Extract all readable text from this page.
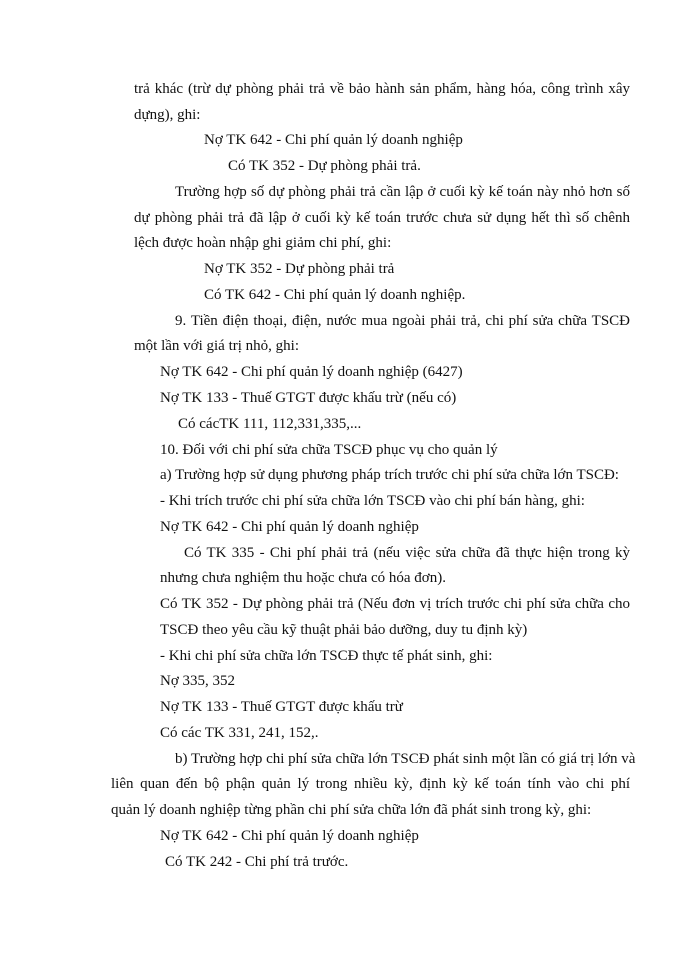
trả khác (trừ dự phòng phải trả về bảo hành sản phẩm, hàng hóa, công trình xây
dựng), ghi:
Nợ TK 642 - Chi phí quản lý doanh nghiệp
Có TK 352 - Dự phòng phải trả.
Trường hợp số dự phòng phải trả cần lập ở cuối kỳ kế toán này nhỏ hơn số
dự phòng phải trả đã lập ở cuối kỳ kế toán trước chưa sử dụng hết thì số chênh
lệch được hoàn nhập ghi giảm chi phí, ghi:
Nợ TK 352 - Dự phòng phải trả
Có TK 642 - Chi phí quản lý doanh nghiệp.
9. Tiền điện thoại, điện, nước mua ngoài phải trả, chi phí sửa chữa TSCĐ
một lần với giá trị nhỏ, ghi:
Nợ TK 642 - Chi phí quản lý doanh nghiệp (6427)
Nợ TK 133 - Thuế GTGT được khấu trừ (nếu có)
Có cácTK 111, 112,331,335,...
10. Đối với chi phí sửa chữa TSCĐ phục vụ cho quản lý
a) Trường hợp sử dụng phương pháp trích trước chi phí sửa chữa lớn TSCĐ:
- Khi trích trước chi phí sửa chữa lớn TSCĐ vào chi phí bán hàng, ghi:
Nợ TK 642 - Chi phí quản lý doanh nghiệp
Có TK 335 - Chi phí phải trả (nếu việc sửa chữa đã thực hiện trong kỳ
nhưng chưa nghiệm thu hoặc chưa có hóa đơn).
Có TK 352 - Dự phòng phải trả (Nếu đơn vị trích trước chi phí sửa chữa cho
TSCĐ theo yêu cầu kỹ thuật phải bảo dưỡng, duy tu định kỳ)
- Khi chi phí sửa chữa lớn TSCĐ thực tế phát sinh, ghi:
Nợ 335, 352
Nợ TK 133 - Thuế GTGT được khấu trừ
Có các TK 331, 241, 152,.
b) Trường hợp chi phí sửa chữa lớn TSCĐ phát sinh một lần có giá trị lớn và
liên quan đến bộ phận quản lý trong nhiều kỳ, định kỳ kế toán tính vào chi phí
quản lý doanh nghiệp từng phần chi phí sửa chữa lớn đã phát sinh trong kỳ, ghi:
Nợ TK 642 - Chi phí quản lý doanh nghiệp
Có TK 242 - Chi phí trả trước.
